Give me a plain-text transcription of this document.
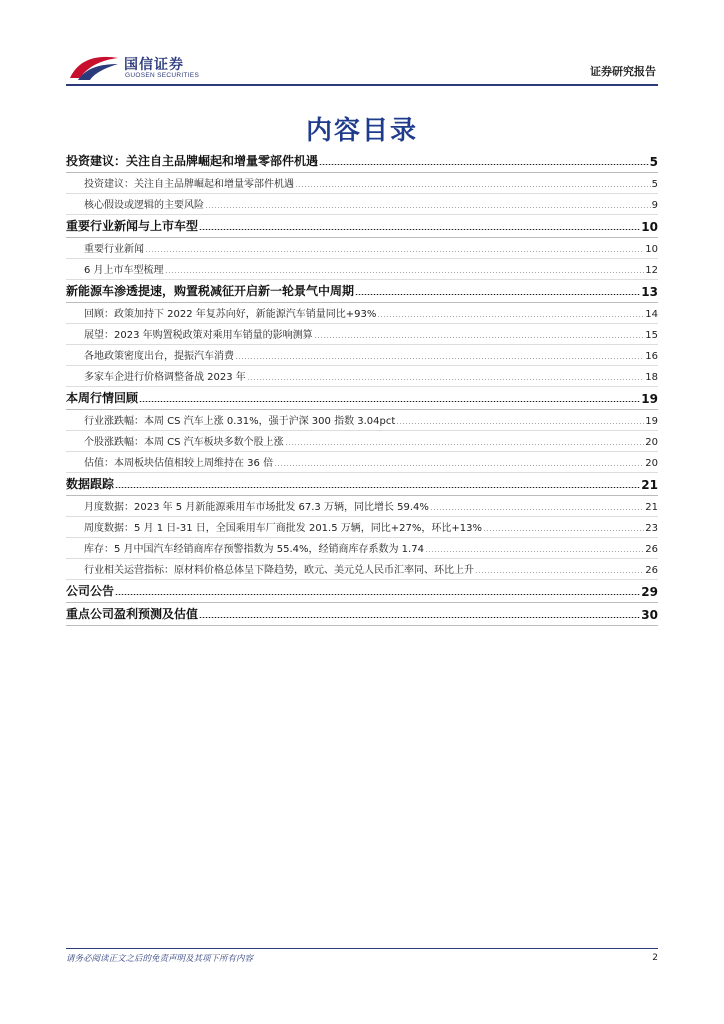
国信证券
GUOSEN SECURITIES	证券研究报告
内容目录
投资建议：关注自主品牌崛起和增量零部件机遇	5
投资建议：关注自主品牌崛起和增量零部件机遇	5
核心假设或逻辑的主要风险	9
重要行业新闻与上市车型	10
重要行业新闻	10
6 月上市车型梳理	12
新能源车渗透提速，购置税减征开启新一轮景气中周期	13
回顾：政策加持下 2022 年复苏向好，新能源汽车销量同比+93%	14
展望：2023 年购置税政策对乘用车销量的影响测算	15
各地政策密度出台，提振汽车消费	16
多家车企进行价格调整备战 2023 年	18
本周行情回顾	19
行业涨跌幅：本周 CS 汽车上涨 0.31%，强于沪深 300 指数 3.04pct	19
个股涨跌幅：本周 CS 汽车板块多数个股上涨	20
估值：本周板块估值相较上周维持在 36 倍	20
数据跟踪	21
月度数据：2023 年 5 月新能源乘用车市场批发 67.3 万辆，同比增长 59.4%	21
周度数据：5 月 1 日-31 日，全国乘用车厂商批发 201.5 万辆，同比+27%，环比+13%	23
库存：5 月中国汽车经销商库存预警指数为 55.4%，经销商库存系数为 1.74	26
行业相关运营指标：原材料价格总体呈下降趋势，欧元、美元兑人民币汇率同、环比上升	26
公司公告	29
重点公司盈利预测及估值	30
请务必阅读正文之后的免责声明及其项下所有内容	2
